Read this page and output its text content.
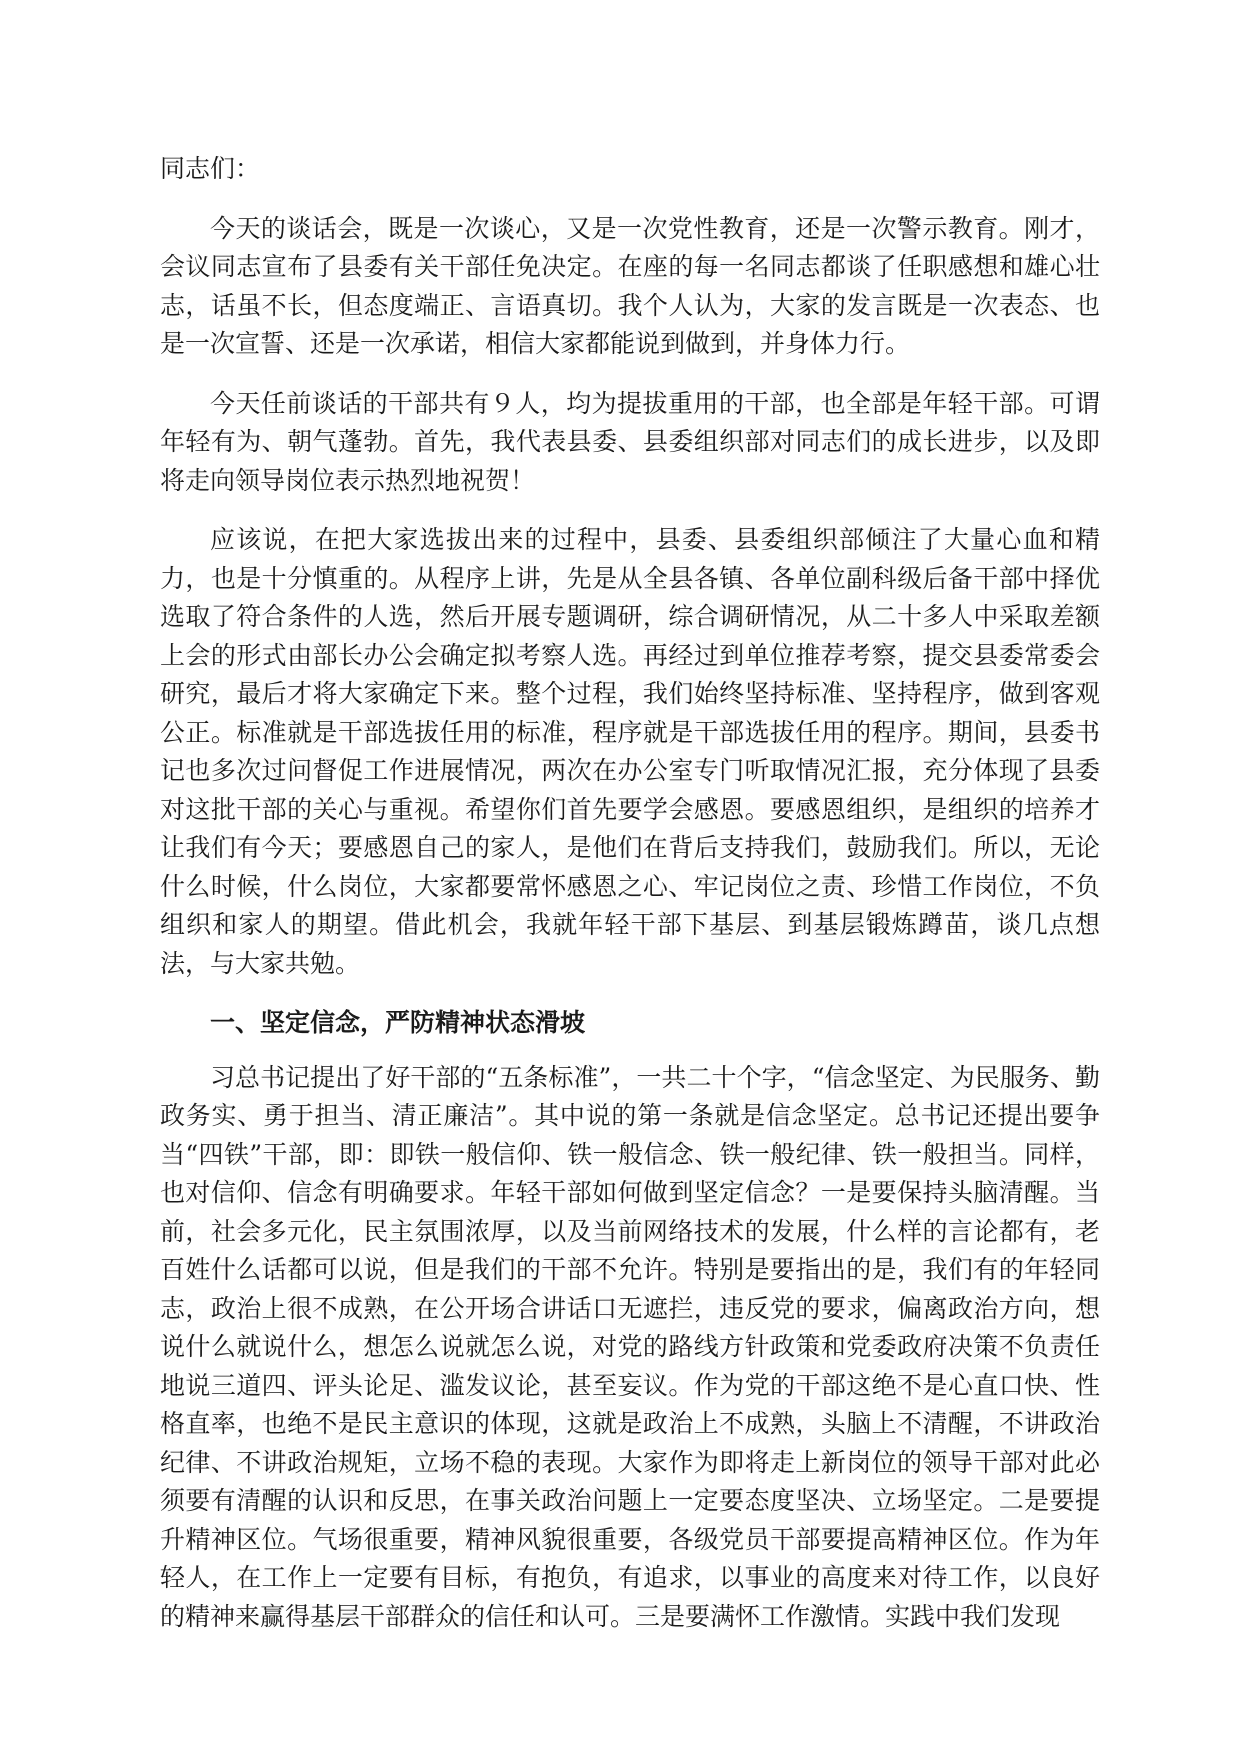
同志们：

今天的谈话会，既是一次谈心，又是一次党性教育，还是一次警示教育。刚才，会议同志宣布了县委有关干部任免决定。在座的每一名同志都谈了任职感想和雄心壮志，话虽不长，但态度端正、言语真切。我个人认为，大家的发言既是一次表态、也是一次宣誓、还是一次承诺，相信大家都能说到做到，并身体力行。

今天任前谈话的干部共有９人，均为提拔重用的干部，也全部是年轻干部。可谓年轻有为、朝气蓬勃。首先，我代表县委、县委组织部对同志们的成长进步，以及即将走向领导岗位表示热烈地祝贺！

应该说，在把大家选拔出来的过程中，县委、县委组织部倾注了大量心血和精力，也是十分慎重的。从程序上讲，先是从全县各镇、各单位副科级后备干部中择优选取了符合条件的人选，然后开展专题调研，综合调研情况，从二十多人中采取差额上会的形式由部长办公会确定拟考察人选。再经过到单位推荐考察，提交县委常委会研究，最后才将大家确定下来。整个过程，我们始终坚持标准、坚持程序，做到客观公正。标准就是干部选拔任用的标准，程序就是干部选拔任用的程序。期间，县委书记也多次过问督促工作进展情况，两次在办公室专门听取情况汇报，充分体现了县委对这批干部的关心与重视。希望你们首先要学会感恩。要感恩组织，是组织的培养才让我们有今天；要感恩自己的家人，是他们在背后支持我们，鼓励我们。所以，无论什么时候，什么岗位，大家都要常怀感恩之心、牢记岗位之责、珍惜工作岗位，不负组织和家人的期望。借此机会，我就年轻干部下基层、到基层锻炼蹲苗，谈几点想法，与大家共勉。

一、坚定信念，严防精神状态滑坡

习总书记提出了好干部的“五条标准”，一共二十个字，“信念坚定、为民服务、勤政务实、勇于担当、清正廉洁”。其中说的第一条就是信念坚定。总书记还提出要争当“四铁”干部，即：即铁一般信仰、铁一般信念、铁一般纪律、铁一般担当。同样，也对信仰、信念有明确要求。年轻干部如何做到坚定信念？一是要保持头脑清醒。当前，社会多元化，民主氛围浓厚，以及当前网络技术的发展，什么样的言论都有，老百姓什么话都可以说，但是我们的干部不允许。特别是要指出的是，我们有的年轻同志，政治上很不成熟，在公开场合讲话口无遮拦，违反党的要求，偏离政治方向，想说什么就说什么，想怎么说就怎么说，对党的路线方针政策和党委政府决策不负责任地说三道四、评头论足、滥发议论，甚至妄议。作为党的干部这绝不是心直口快、性格直率，也绝不是民主意识的体现，这就是政治上不成熟，头脑上不清醒，不讲政治纪律、不讲政治规矩，立场不稳的表现。大家作为即将走上新岗位的领导干部对此必须要有清醒的认识和反思，在事关政治问题上一定要态度坚决、立场坚定。二是要提升精神区位。气场很重要，精神风貌很重要，各级党员干部要提高精神区位。作为年轻人，在工作上一定要有目标，有抱负，有追求，以事业的高度来对待工作，以良好的精神来赢得基层干部群众的信任和认可。三是要满怀工作激情。实践中我们发现
